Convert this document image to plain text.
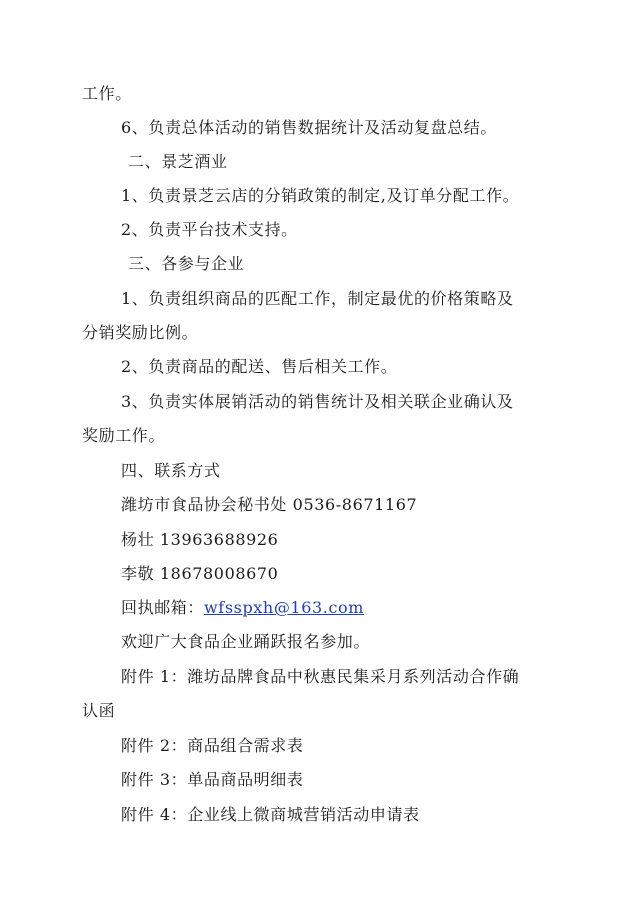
工作。
6、负责总体活动的销售数据统计及活动复盘总结。
二、景芝酒业
1、负责景芝云店的分销政策的制定,及订单分配工作。
2、负责平台技术支持。
三、各参与企业
1、负责组织商品的匹配工作，制定最优的价格策略及
分销奖励比例。
2、负责商品的配送、售后相关工作。
3、负责实体展销活动的销售统计及相关联企业确认及
奖励工作。
四、联系方式
潍坊市食品协会秘书处 0536-8671167
杨壮 13963688926
李敬 18678008670
回执邮箱：wfsspxh@163.com
欢迎广大食品企业踊跃报名参加。
附件 1：潍坊品牌食品中秋惠民集采月系列活动合作确
认函
附件 2：商品组合需求表
附件 3：单品商品明细表
附件 4：企业线上微商城营销活动申请表
